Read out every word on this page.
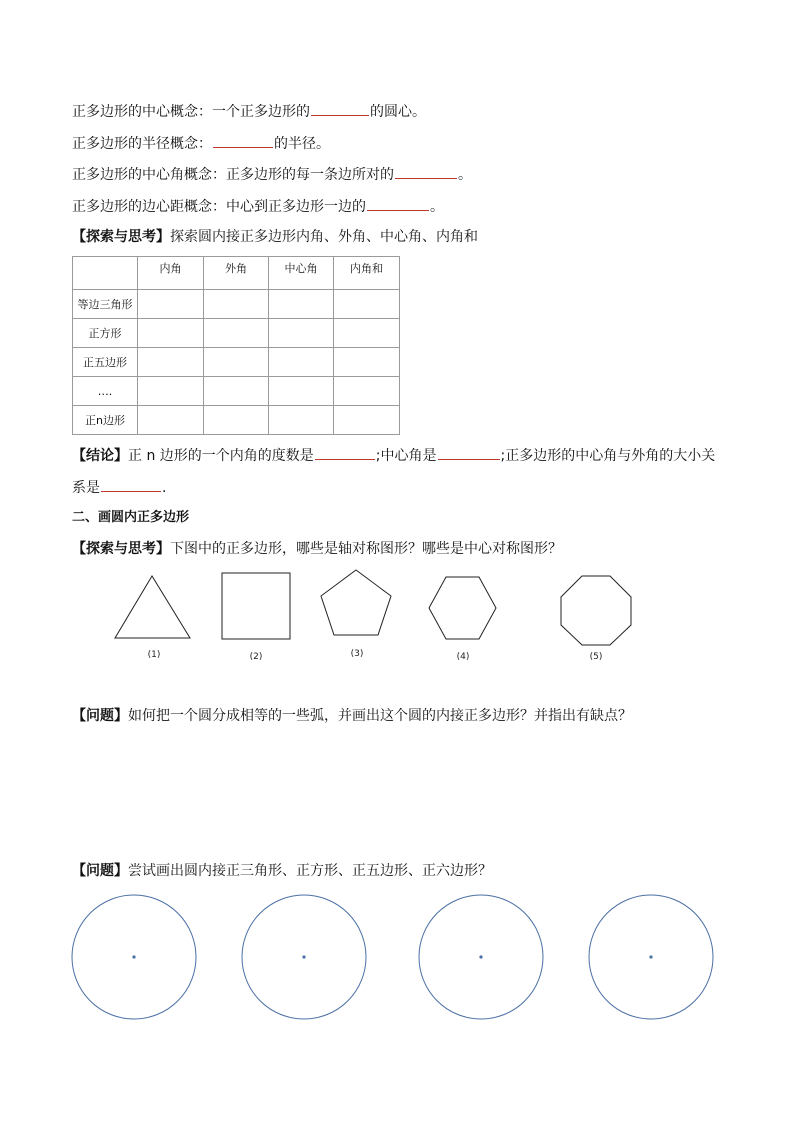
正多边形的中心概念：一个正多边形的	的圆心。
正多边形的半径概念：	的半径。
正多边形的中心角概念：正多边形的每一条边所对的	。
正多边形的边心距概念：中心到正多边形一边的	。
【探索与思考】探索圆内接正多边形内角、外角、中心角、内角和
	内角	外角	中心角	内角和
等边三角形				
正方形				
正五边形				
….				
正n边形				
【结论】正 n 边形的一个内角的度数是	;中心角是	;正多边形的中心角与外角的大小关
系是	.
二、画圆内正多边形
【探索与思考】下图中的正多边形，哪些是轴对称图形？哪些是中心对称图形？
(1)	(2)	(3)	(4)	(5)
【问题】如何把一个圆分成相等的一些弧，并画出这个圆的内接正多边形？并指出有缺点？
【问题】尝试画出圆内接正三角形、正方形、正五边形、正六边形？
